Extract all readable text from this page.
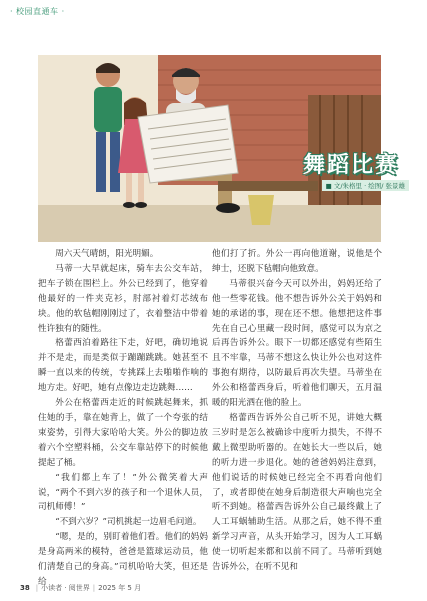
· 校园直通车 ·
舞蹈比赛
■ 文/朱格里 · 绘图/ 张景雄

周六天气晴朗，阳光明媚。

马蒂一大早就起床，骑车去公交车站，把车子锁在围栏上。外公已经到了，他穿着他最好的一件夹克衫，肘部衬着灯芯绒布块。他的软毡帽刚刚过了，衣着整洁中带着性许独有的随性。

格蕾西泊着路往下走，好吧，确切地说并不是走，而是类似于蹦蹦跳跳。她甚至不瞬一直以来的传统，专挑踩上去啪啪作响的地方走。好吧，她有点像边走边跳舞……

外公在格蕾西走近的时候跳起舞来，抓住她的手，靠在她背上，做了一个夸张的结束姿势，引得大家哈哈大笑。外公的脚边放着六个空塑料桶，公交车靠站停下的时候他提起了桶。

“我们都上车了！”外公微笑着大声说，“两个不到六岁的孩子和一个退休人员，司机师傅！”

“不到六岁？”司机挑起一边眉毛问道。

“嗯，是的，别盯着他们看。他们的妈妈是身高两米的模特，爸爸是篮球运动员，他们清楚自己的身高。”司机哈哈大笑，但还是给

他们打了折。外公一再向他道谢，说他是个绅士，还脱下毡帽向他致意。

马蒂很兴奋今天可以外出，妈妈还给了他一些零花钱。他不想告诉外公关于妈妈和她的承诺的事，现在还不想。他想把这件事先在自己心里藏一段时间，感觉可以为京之后再告诉外公。眼下一切都还感觉有些陌生且不牢靠，马蒂不想这么快让外公也对这件事抱有期待，以防最后再次失望。马蒂坐在外公和格蕾西身后，听着他们聊天，五月温暖的阳光洒在他的脸上。

格蕾西告诉外公自己听不见，讲她大概三岁时是怎么被确诊中度听力损失，不得不戴上微型助听器的。在她长大一些以后，她的听力进一步退化。她的爸爸妈妈注意到，他们说话的时候她已经完全不再看向他们了，或者即使在她身后制造很大声响也完全听不到她。格蕾西告诉外公自己最终戴上了人工耳蜗辅助生活。从那之后，她不得不重新学习声音，从头开始学习，因为人工耳蜗使一切听起来都和以前不同了。马蒂听到她告诉外公，在听不见和

38 | 小读者 · 阅世界 | 2025 年 5 月
